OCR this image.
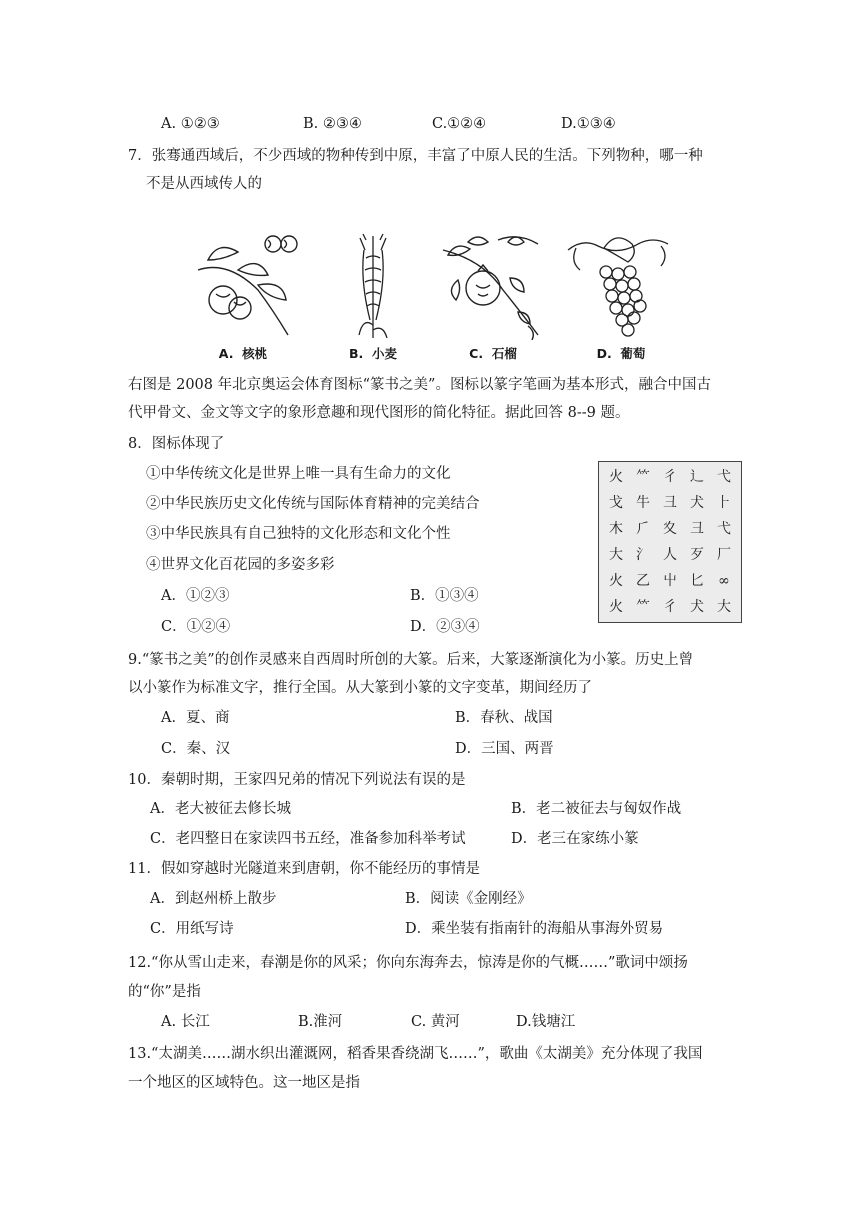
A. ①②③	B. ②③④	C.①②④	D.①③④
7．张骞通西域后，不少西域的物种传到中原，丰富了中原人民的生活。下列物种，哪一种
不是从西域传人的
A. 核桃	B. 小麦	C. 石榴	D. 葡萄
右图是 2008 年北京奥运会体育图标“篆书之美”。图标以篆字笔画为基本形式，融合中国古
代甲骨文、金文等文字的象形意趣和现代图形的简化特征。据此回答 8--9 题。
8．图标体现了
①中华传统文化是世界上唯一具有生命力的文化
②中华民族历史文化传统与国际体育精神的完美结合
③中华民族具有自己独特的文化形态和文化个性
④世界文化百花园的多姿多彩
A．①②③	B．①③④
C．①②④	D．②③④
⽕ ⺮ ⼻ ⻌ ⼷
⼽ ⽜ ⼹ ⽝ ⺊
⽊ ⺁ ⼢ ⼹ ⼷
⼤ ⺡ ⼈ ⽍ ⼚
⽕ ⼄ ⼬ ⼔	∞
⽕ ⺮ ⼻ ⽝ ⼤
9.“篆书之美”的创作灵感来自西周时所创的大篆。后来，大篆逐渐演化为小篆。历史上曾
以小篆作为标准文字，推行全国。从大篆到小篆的文字变革，期间经历了
A．夏、商	B．春秋、战国
C．秦、汉	D．三国、两晋
10．秦朝时期，王家四兄弟的情况下列说法有误的是
A．老大被征去修长城	B．老二被征去与匈奴作战
C．老四整日在家读四书五经，准备参加科举考试	D．老三在家练小篆
11．假如穿越时光隧道来到唐朝，你不能经历的事情是
A．到赵州桥上散步	B．阅读《金刚经》
C．用纸写诗	D．乘坐装有指南针的海船从事海外贸易
12.“你从雪山走来，春潮是你的风采；你向东海奔去，惊涛是你的气概……”歌词中颂扬
的“你”是指
A. 长江	B.淮河	C. 黄河	D.钱塘江
13.“太湖美……湖水织出灌溉网，稻香果香绕湖飞……”，歌曲《太湖美》充分体现了我国
一个地区的区域特色。这一地区是指
